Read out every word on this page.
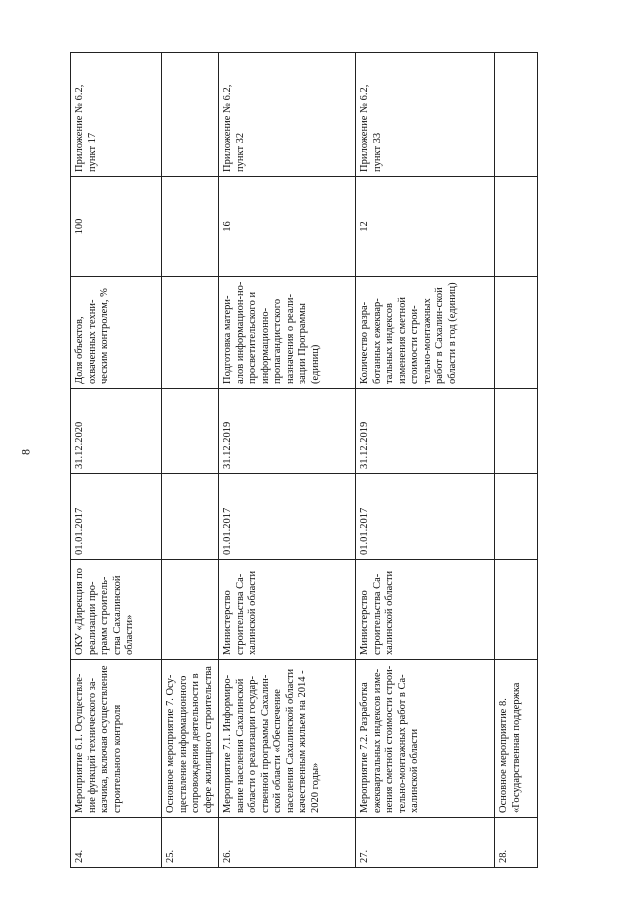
8
24.	Мероприятие 6.1. Осуществле-ние функций технического за-казчика, включая осуществление строительного контроля	ОКУ «Дирекция по реализации про-грамм строитель-ства Сахалинской области»	01.01.2017	31.12.2020	Доля объектов, охваченных техни-ческим контролем, %	100	Приложение № 6.2, пункт 17
25.	Основное мероприятие 7. Осу-ществление информационного сопровождения деятельности в сфере жилищного строительства						
26.	Мероприятие 7.1. Информиро-вание населения Сахалинской области о реализации государ-ственной программы Сахалин-ской области «Обеспечение населения Сахалинской области качественным жильем на 2014 - 2020 годы»	Министерство строительства Са-халинской области	01.01.2017	31.12.2019	Подготовка матери-алов информацион-но-просветительского и информационно-пропагандистского назначения о реали-зации Программы (единиц)	16	Приложение № 6.2, пункт 32
27.	Мероприятие 7.2. Разработка ежеквартальных индексов изме-нения сметной стоимости строи-тельно-монтажных работ в Са-халинской области	Министерство строительства Са-халинской области	01.01.2017	31.12.2019	Количество разра-ботанных ежеквар-тальных индексов изменения сметной стоимости строи-тельно-монтажных работ в Сахалин-ской области в год (единиц)	12	Приложение № 6.2, пункт 33
28.	Основное мероприятие 8. «Государственная поддержка						
